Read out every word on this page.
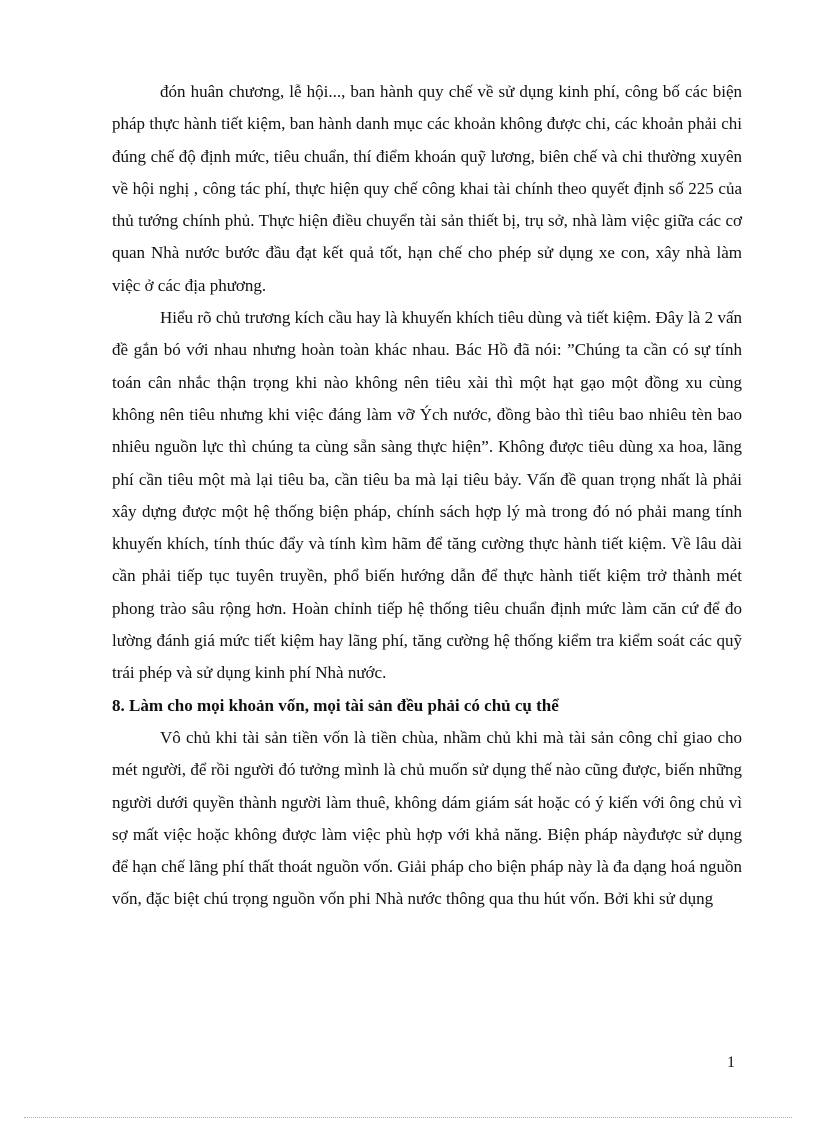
đón huân chương, lễ hội..., ban hành quy chế về sử dụng kinh phí, công bố các biện pháp thực hành tiết kiệm, ban hành danh mục các khoản không được chi, các khoản phải chi đúng chế độ định mức, tiêu chuẩn, thí điểm khoán quỹ lương, biên chế và chi thường xuyên về hội nghị , công tác phí, thực hiện quy chế công khai tài chính theo quyết định số 225 của thủ tướng chính phủ. Thực hiện điều chuyển tài sản thiết bị, trụ sở, nhà làm việc giữa các cơ quan Nhà nước bước đầu đạt kết quả tốt, hạn chế cho phép sử dụng xe con, xây nhà làm việc ở các địa phương.

Hiểu rõ chủ trương kích cầu hay là khuyến khích tiêu dùng và tiết kiệm. Đây là 2 vấn đề gắn bó với nhau nhưng hoàn toàn khác nhau. Bác Hồ đã nói: ”Chúng ta cần có sự tính toán cân nhắc thận trọng khi nào không nên tiêu xài thì một hạt gạo một đồng xu cùng không nên tiêu nhưng khi việc đáng làm vỡ Ých nước, đồng bào thì tiêu bao nhiêu tèn bao nhiêu nguồn lực thì chúng ta cùng sẵn sàng thực hiện”. Không được tiêu dùng xa hoa, lãng phí cần tiêu một mà lại tiêu ba, cần tiêu ba mà lại tiêu bảy. Vấn đề quan trọng nhất là phải xây dựng được một hệ thống biện pháp, chính sách hợp lý mà trong đó nó phải mang tính khuyến khích, tính thúc đẩy và tính kìm hãm để tăng cường thực hành tiết kiệm. Về lâu dài cần phải tiếp tục tuyên truyền, phổ biến hướng dẫn để thực hành tiết kiệm trở thành mét phong trào sâu rộng hơn. Hoàn chỉnh tiếp hệ thống tiêu chuẩn định mức làm căn cứ để đo lường đánh giá mức tiết kiệm hay lãng phí, tăng cường hệ thống kiểm tra kiểm soát các quỹ trái phép và sử dụng kinh phí Nhà nước.

8. Làm cho mọi khoản vốn, mọi tài sản đều phải có chủ cụ thể

Vô chủ khi tài sản tiền vốn là tiền chùa, nhầm chủ khi mà tài sản công chỉ giao cho mét người, để rồi người đó tưởng mình là chủ muốn sử dụng thế nào cũng được, biến những người dưới quyền thành người làm thuê, không dám giám sát hoặc có ý kiến với ông chủ vì sợ mất việc hoặc không được làm việc phù hợp với khả năng. Biện pháp nàyđược sử dụng để hạn chế lãng phí thất thoát nguồn vốn. Giải pháp cho biện pháp này là đa dạng hoá nguồn vốn, đặc biệt chú trọng nguồn vốn phi Nhà nước thông qua thu hút vốn. Bởi khi sử dụng

1
